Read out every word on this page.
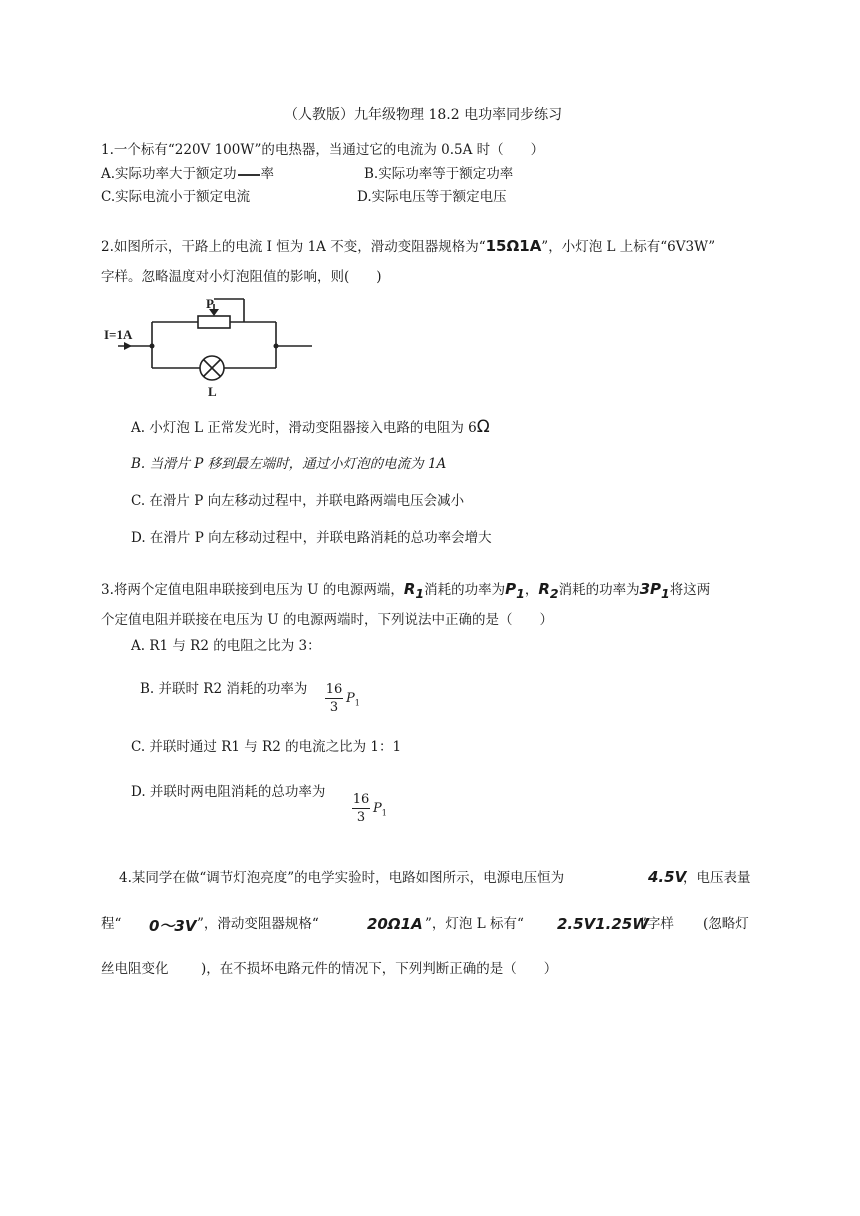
（人教版）九年级物理 18.2 电功率同步练习
1.一个标有“220V 100W”的电热器，当通过它的电流为 0.5A 时（　　）
A.实际功率大于额定功 率	B.实际功率等于额定功率
C.实际电流小于额定电流	D.实际电压等于额定电压
2.如图所示，干路上的电流 I 恒为 1A 不变，滑动变阻器规格为“15Ω1A”，小灯泡 L 上标有“6V3W”
字样。忽略温度对小灯泡阻值的影响，则(　　)
I=1A
P
L
A. 小灯泡 L 正常发光时，滑动变阻器接入电路的电阻为 6Ω
B. 当滑片 P 移到最左端时，通过小灯泡的电流为 1A
C. 在滑片 P 向左移动过程中，并联电路两端电压会减小
D. 在滑片 P 向左移动过程中，并联电路消耗的总功率会增大
3.将两个定值电阻串联接到电压为 U 的电源两端，$R_1$消耗的功率为$P_1$，$R_2$消耗的功率为$3P_1$将这两
个定值电阻并联接在电压为 U 的电源两端时，下列说法中正确的是（　　）
A. R1 与 R2 的电阻之比为 3：
B. 并联时 R2 消耗的功率为 16
3
$P_1$
C. 并联时通过 R1 与 R2 的电流之比为 1：1
D. 并联时两电阻消耗的总功率为 16
3
$P_1$
4.某同学在做“调节灯泡亮度”的电学实验时，电路如图所示，电源电压恒为	4.5V
，电压表量
程“ 0～3V ”，滑动变阻器规格“	20Ω1A ”，灯泡 L 标有“ 2.5V1.25W
”字样 (忽略灯
丝电阻变化 )，在不损坏电路元件的情况下，下列判断正确的是（　　）
